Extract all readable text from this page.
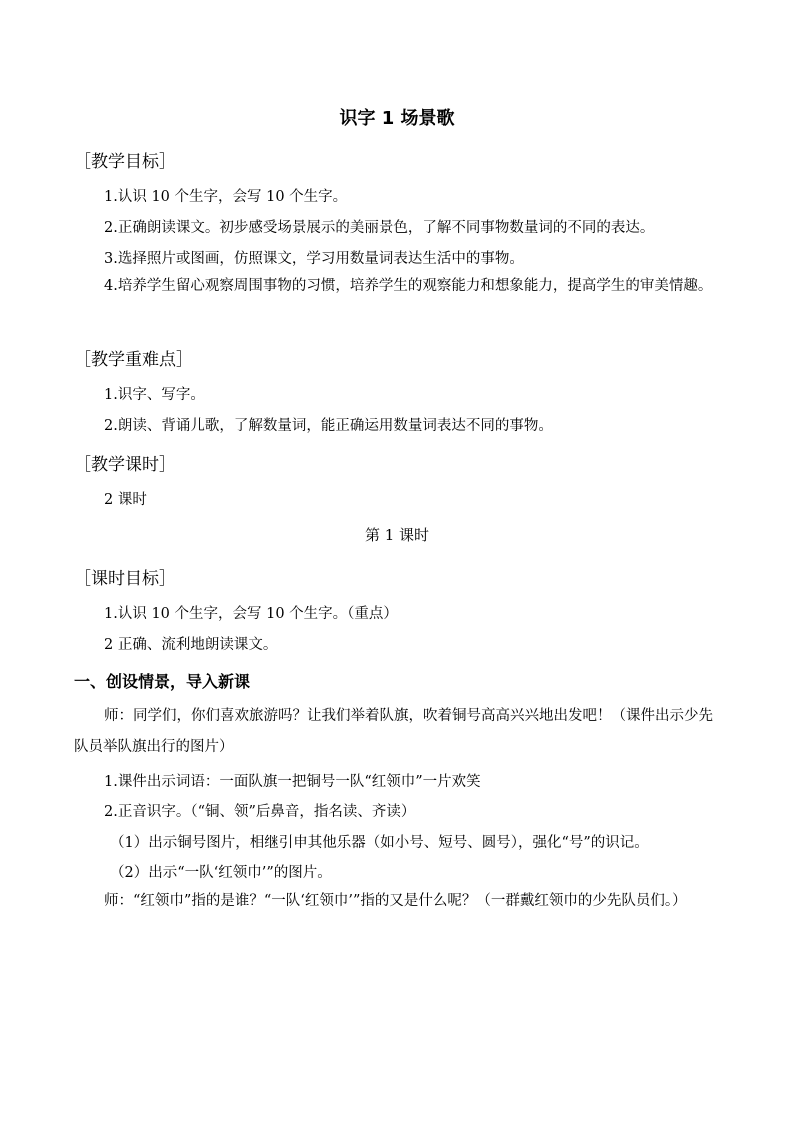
识字 1 场景歌
［教学目标］
1.认识 10 个生字，会写 10 个生字。
2.正确朗读课文。初步感受场景展示的美丽景色，了解不同事物数量词的不同的表达。
3.选择照片或图画，仿照课文，学习用数量词表达生活中的事物。
4.培养学生留心观察周围事物的习惯，培养学生的观察能力和想象能力，提高学生的审美情趣。
［教学重难点］
1.识字、写字。
2.朗读、背诵儿歌，了解数量词，能正确运用数量词表达不同的事物。
［教学课时］
2 课时
第 1 课时
［课时目标］
1.认识 10 个生字，会写 10 个生字。（重点）
2 正确、流利地朗读课文。
一、创设情景，导入新课
师：同学们，你们喜欢旅游吗？让我们举着队旗，吹着铜号高高兴兴地出发吧！（课件出示少先队员举队旗出行的图片）
1.课件出示词语：一面队旗一把铜号一队“红领巾”一片欢笑
2.正音识字。（“铜、领”后鼻音，指名读、齐读）
（1）出示铜号图片，相继引申其他乐器（如小号、短号、圆号），强化“号”的识记。
（2）出示“一队‘红领巾’”的图片。
师：“红领巾”指的是谁？“一队‘红领巾’”指的又是什么呢？（一群戴红领巾的少先队员们。）
